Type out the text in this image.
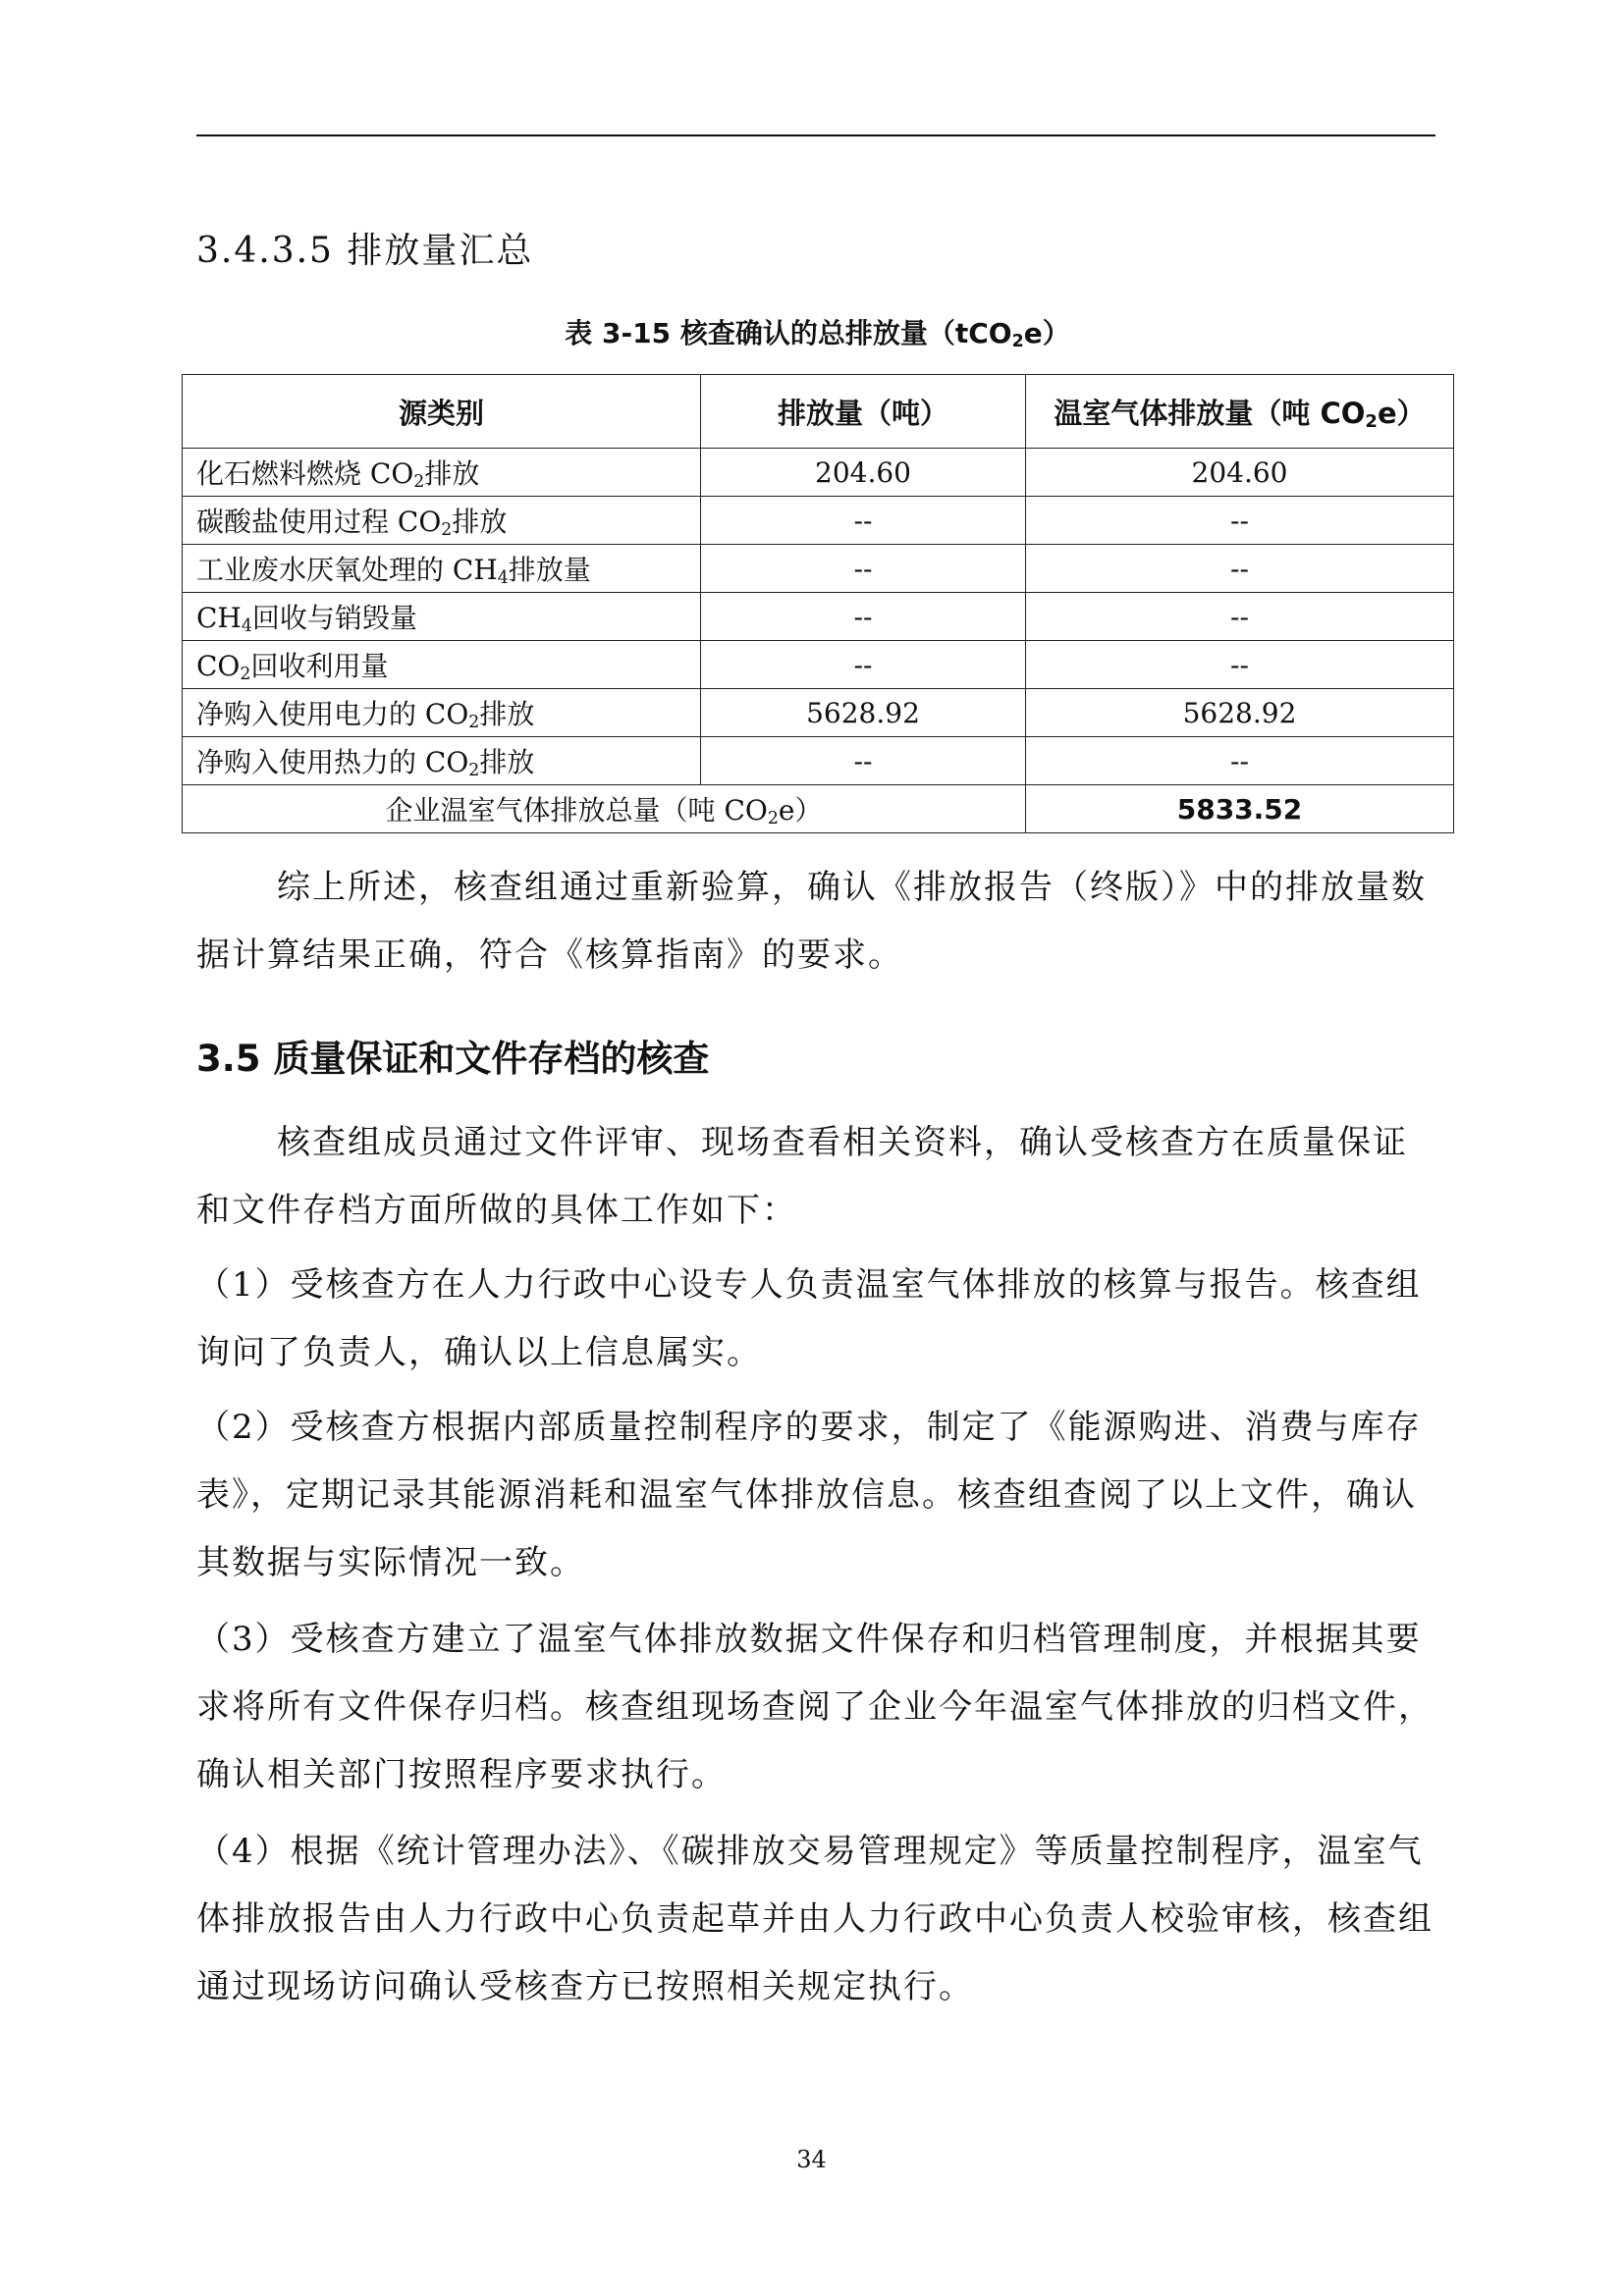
3.4.3.5 排放量汇总
表 3-15 核查确认的总排放量（tCO$_2$e）
源类别	排放量（吨）	温室气体排放量（吨 $CO_2e$）
化石燃料燃烧 $CO_2$排放	204.60	204.60
碳酸盐使用过程 $CO_2$排放	--	--
工业废水厌氧处理的 $CH_4$排放量	--	--
$CH_4$回收与销毁量	--	--
$CO_2$回收利用量	--	--
净购入使用电力的 $CO_2$排放	5628.92	5628.92
净购入使用热力的 $CO_2$排放	--	--
企业温室气体排放总量（吨 $CO_2e$）		5833.52

综上所述，核查组通过重新验算，确认《排放报告（终版）》中的排放量数据计算结果正确，符合《核算指南》的要求。

3.5 质量保证和文件存档的核查

核查组成员通过文件评审、现场查看相关资料，确认受核查方在质量保证和文件存档方面所做的具体工作如下：

（1）受核查方在人力行政中心设专人负责温室气体排放的核算与报告。核查组询问了负责人，确认以上信息属实。

（2）受核查方根据内部质量控制程序的要求，制定了《能源购进、消费与库存表》，定期记录其能源消耗和温室气体排放信息。核查组查阅了以上文件，确认其数据与实际情况一致。

（3）受核查方建立了温室气体排放数据文件保存和归档管理制度，并根据其要求将所有文件保存归档。核查组现场查阅了企业今年温室气体排放的归档文件，确认相关部门按照程序要求执行。

（4）根据《统计管理办法》、《碳排放交易管理规定》等质量控制程序，温室气体排放报告由人力行政中心负责起草并由人力行政中心负责人校验审核，核查组通过现场访问确认受核查方已按照相关规定执行。

34
